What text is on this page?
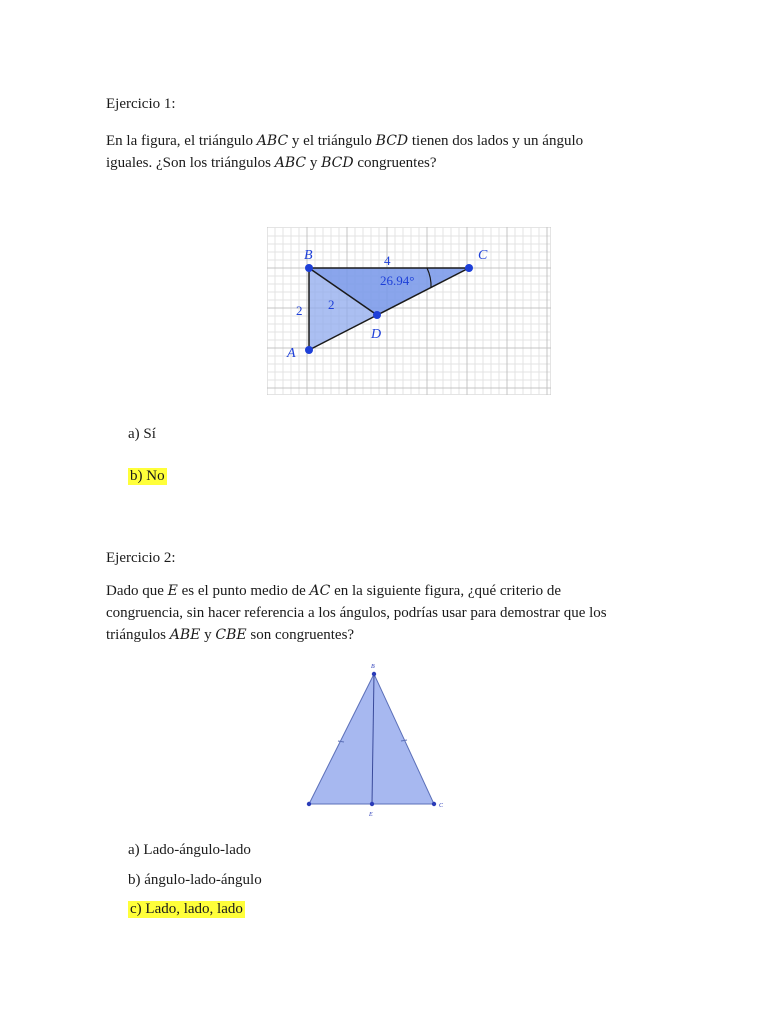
Ejercicio 1:

En la figura, el triángulo ABC y el triángulo BCD tienen dos lados y un ángulo

iguales. ¿Son los triángulos ABC y BCD congruentes?

B	C
A
D
4
2 2
26.94°
a) Sí
b) No

Ejercicio 2:

Dado que E es el punto medio de AC en la siguiente figura, ¿qué criterio de

congruencia, sin hacer referencia a los ángulos, podrías usar para demostrar que los

triángulos ABE y CBE son congruentes?

B
E
C
a) Lado-ángulo-lado
b) ángulo-lado-ángulo
c) Lado, lado, lado
